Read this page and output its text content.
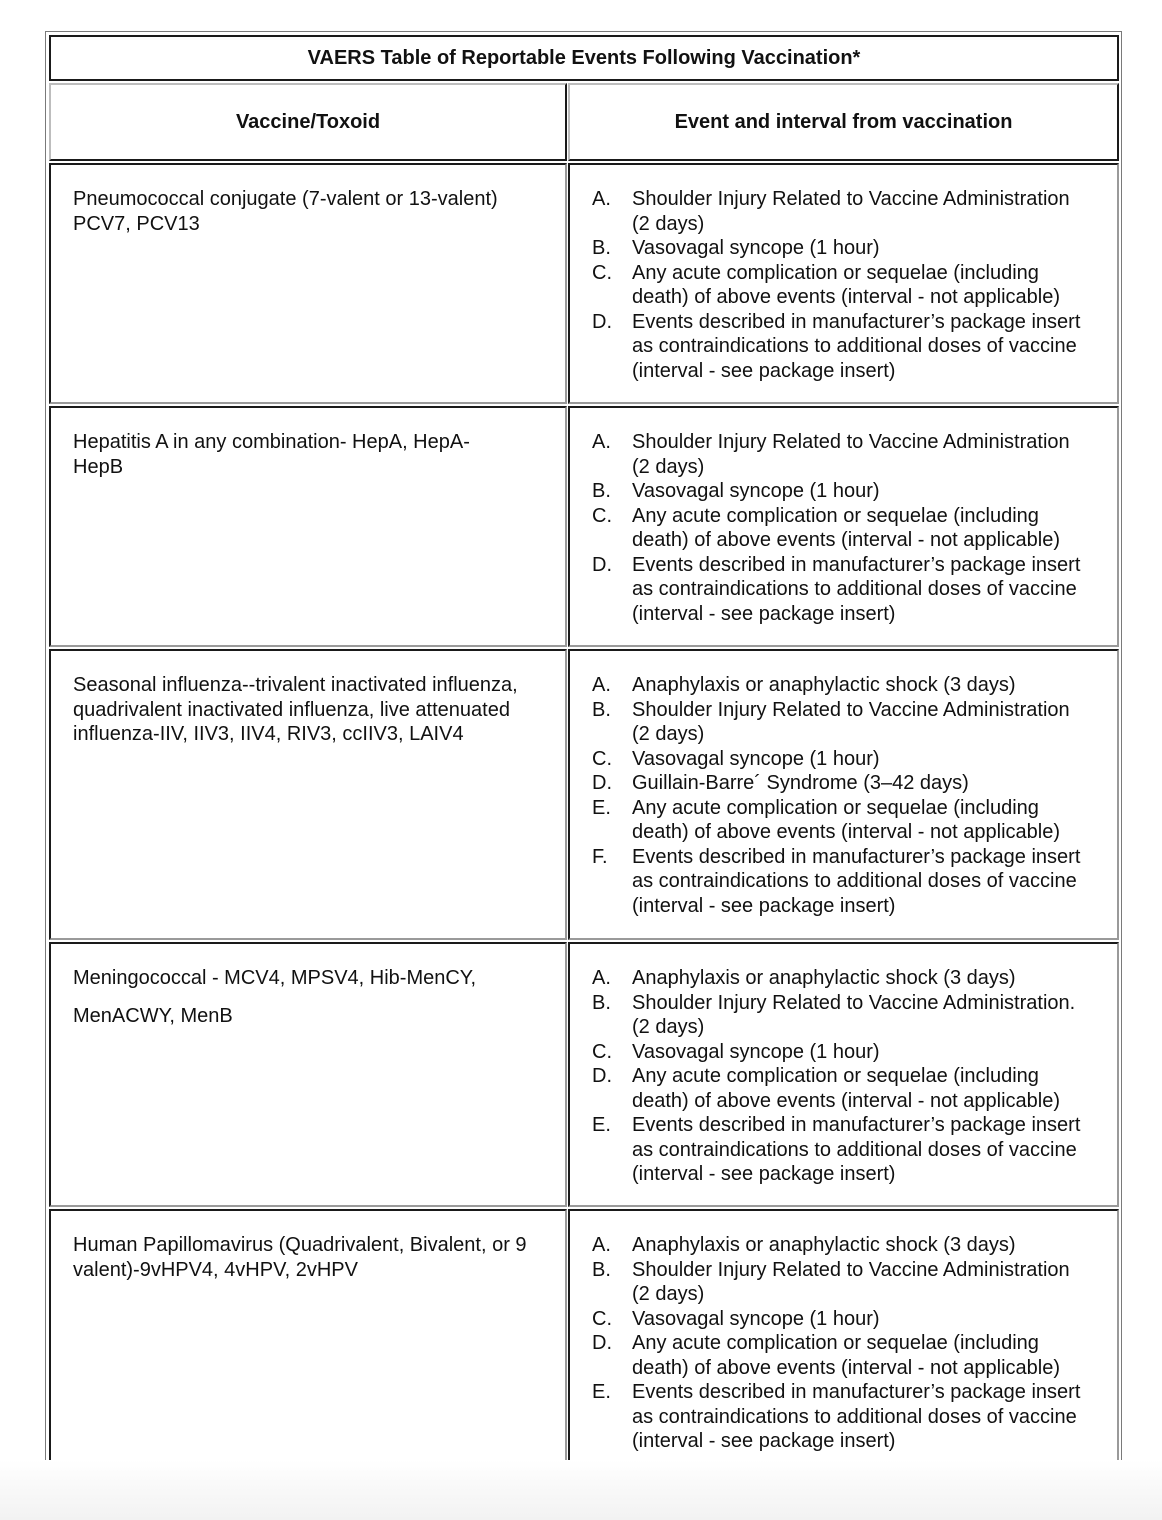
VAERS Table of Reportable Events Following Vaccination*
Vaccine/Toxoid	Event and interval from vaccination
Pneumococcal conjugate (7-valent or 13-valent) PCV7, PCV13
A.	Shoulder Injury Related to Vaccine Administration (2 days)
B.	Vasovagal syncope (1 hour)
C.	Any acute complication or sequelae (including death) of above events (interval - not applicable)
D.	Events described in manufacturer’s package insert as contraindications to additional doses of vaccine (interval - see package insert)
Hepatitis A in any combination- HepA, HepA-HepB
A.	Shoulder Injury Related to Vaccine Administration (2 days)
B.	Vasovagal syncope (1 hour)
C.	Any acute complication or sequelae (including death) of above events (interval - not applicable)
D.	Events described in manufacturer’s package insert as contraindications to additional doses of vaccine (interval - see package insert)
Seasonal influenza--trivalent inactivated influenza, quadrivalent inactivated influenza, live attenuated influenza-IIV, IIV3, IIV4, RIV3, ccIIV3, LAIV4
A.	Anaphylaxis or anaphylactic shock (3 days)
B.	Shoulder Injury Related to Vaccine Administration (2 days)
C.	Vasovagal syncope (1 hour)
D.	Guillain-Barre´ Syndrome (3–42 days)
E.	Any acute complication or sequelae (including death) of above events (interval - not applicable)
F.	Events described in manufacturer’s package insert as contraindications to additional doses of vaccine (interval - see package insert)
Meningococcal - MCV4, MPSV4, Hib-MenCY,
MenACWY, MenB
A.	Anaphylaxis or anaphylactic shock (3 days)
B.	Shoulder Injury Related to Vaccine Administration. (2 days)
C.	Vasovagal syncope (1 hour)
D.	Any acute complication or sequelae (including death) of above events (interval - not applicable)
E.	Events described in manufacturer’s package insert as contraindications to additional doses of vaccine (interval - see package insert)
Human Papillomavirus (Quadrivalent, Bivalent, or 9 valent)-9vHPV4, 4vHPV, 2vHPV
A.	Anaphylaxis or anaphylactic shock (3 days)
B.	Shoulder Injury Related to Vaccine Administration (2 days)
C.	Vasovagal syncope (1 hour)
D.	Any acute complication or sequelae (including death) of above events (interval - not applicable)
E.	Events described in manufacturer’s package insert as contraindications to additional doses of vaccine (interval - see package insert)
